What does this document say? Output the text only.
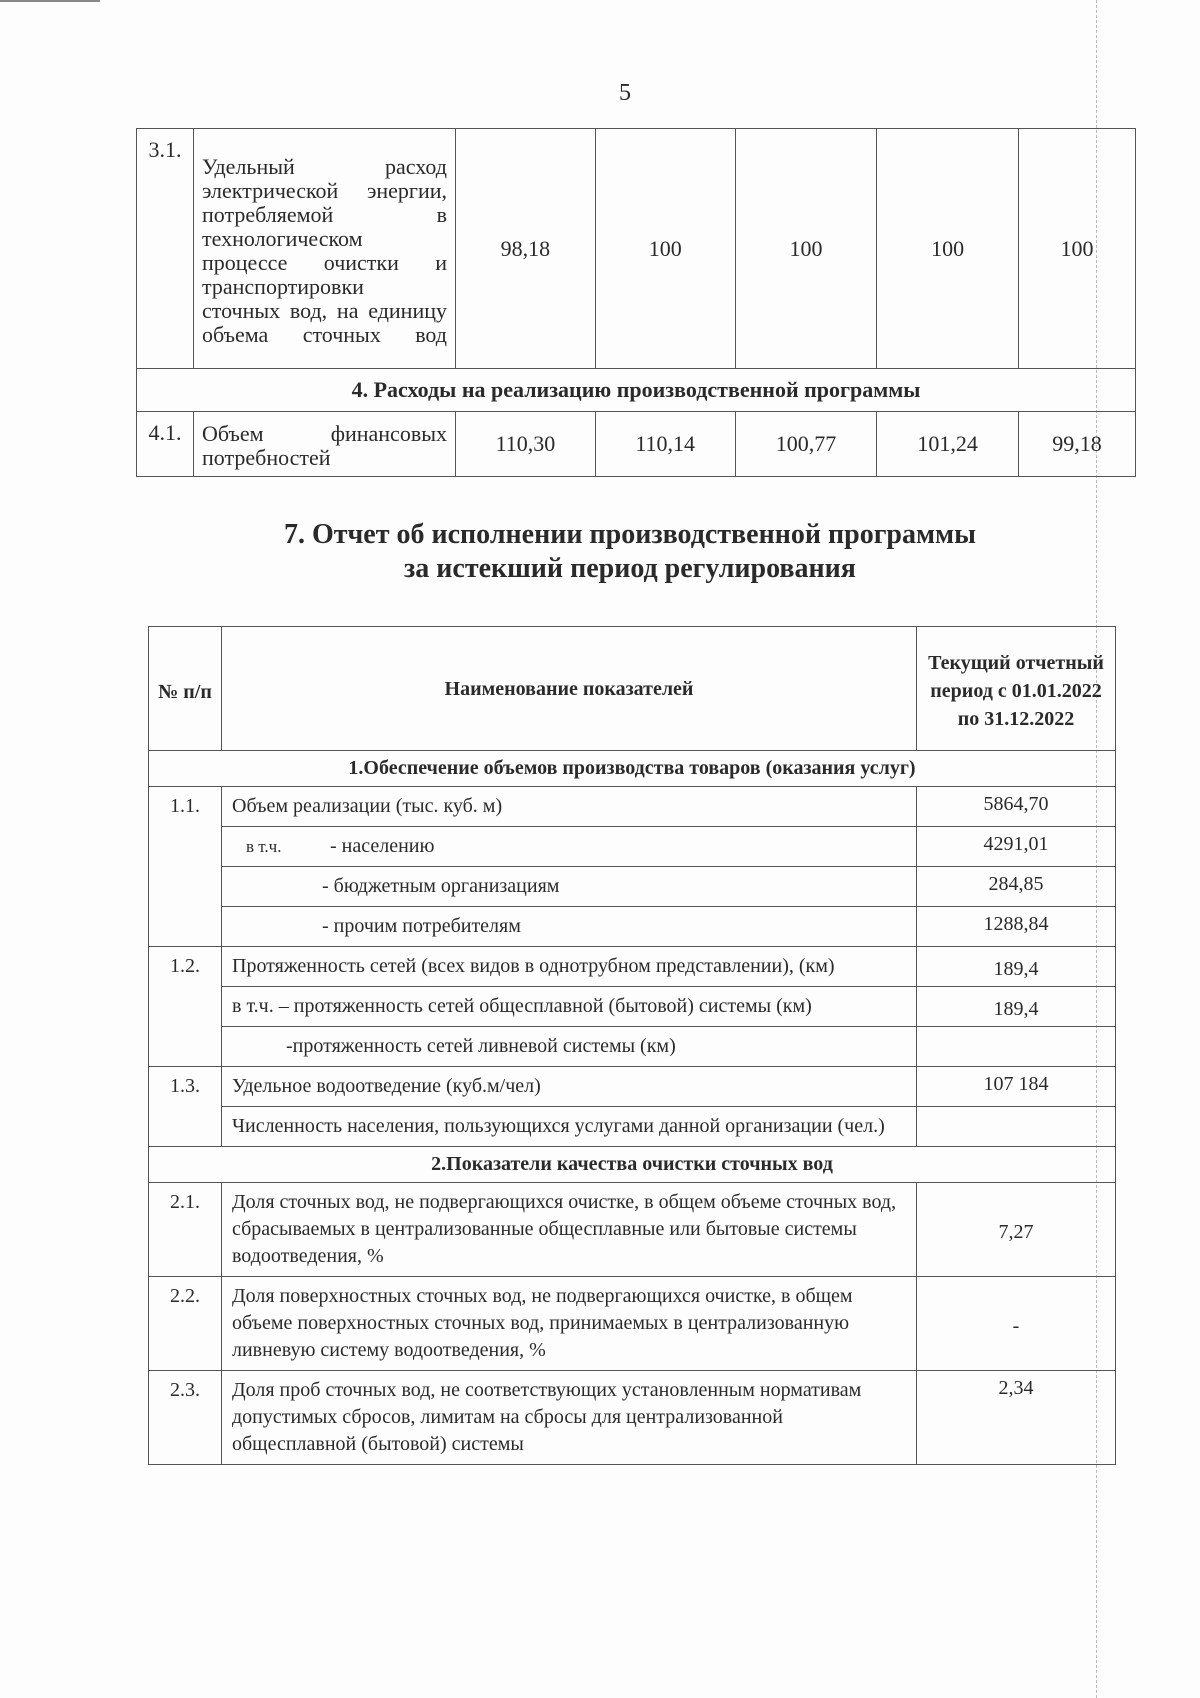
5
3.1.	Удельный расход электрической энергии, потребляемой в технологическом процессе очистки и транспортировки сточных вод, на единицу объема сточных вод	98,18	100	100	100	100
4. Расходы на реализацию производственной программы						
4.1.	Объем финансовых потребностей	110,30	110,14	100,77	101,24	99,18
7. Отчет об исполнении производственной программы
за истекший период регулирования
№ п/п	Наименование показателей	Текущий отчетный период с 01.01.2022 по 31.12.2022
1.Обеспечение объемов производства товаров (оказания услуг)		
1.1.	Объем реализации (тыс. куб. м)	5864,70
	в т.ч. - населению	4291,01
	- бюджетным организациям	284,85
	- прочим потребителям	1288,84
1.2.	Протяженность сетей (всех видов в однотрубном представлении), (км)	189,4
	в т.ч. – протяженность сетей общесплавной (бытовой) системы (км)	189,4
	-протяженность сетей ливневой системы (км)	
1.3.	Удельное водоотведение (куб.м/чел)	107 184
	Численность населения, пользующихся услугами данной организации (чел.)	
2.Показатели качества очистки сточных вод		
2.1.	Доля сточных вод, не подвергающихся очистке, в общем объеме сточных вод, сбрасываемых в централизованные общесплавные или бытовые системы водоотведения, %	7,27
2.2.	Доля поверхностных сточных вод, не подвергающихся очистке, в общем объеме поверхностных сточных вод, принимаемых в централизованную ливневую систему водоотведения, %	-
2.3.	Доля проб сточных вод, не соответствующих установленным нормативам допустимых сбросов, лимитам на сбросы для централизованной общесплавной (бытовой) системы	2,34
